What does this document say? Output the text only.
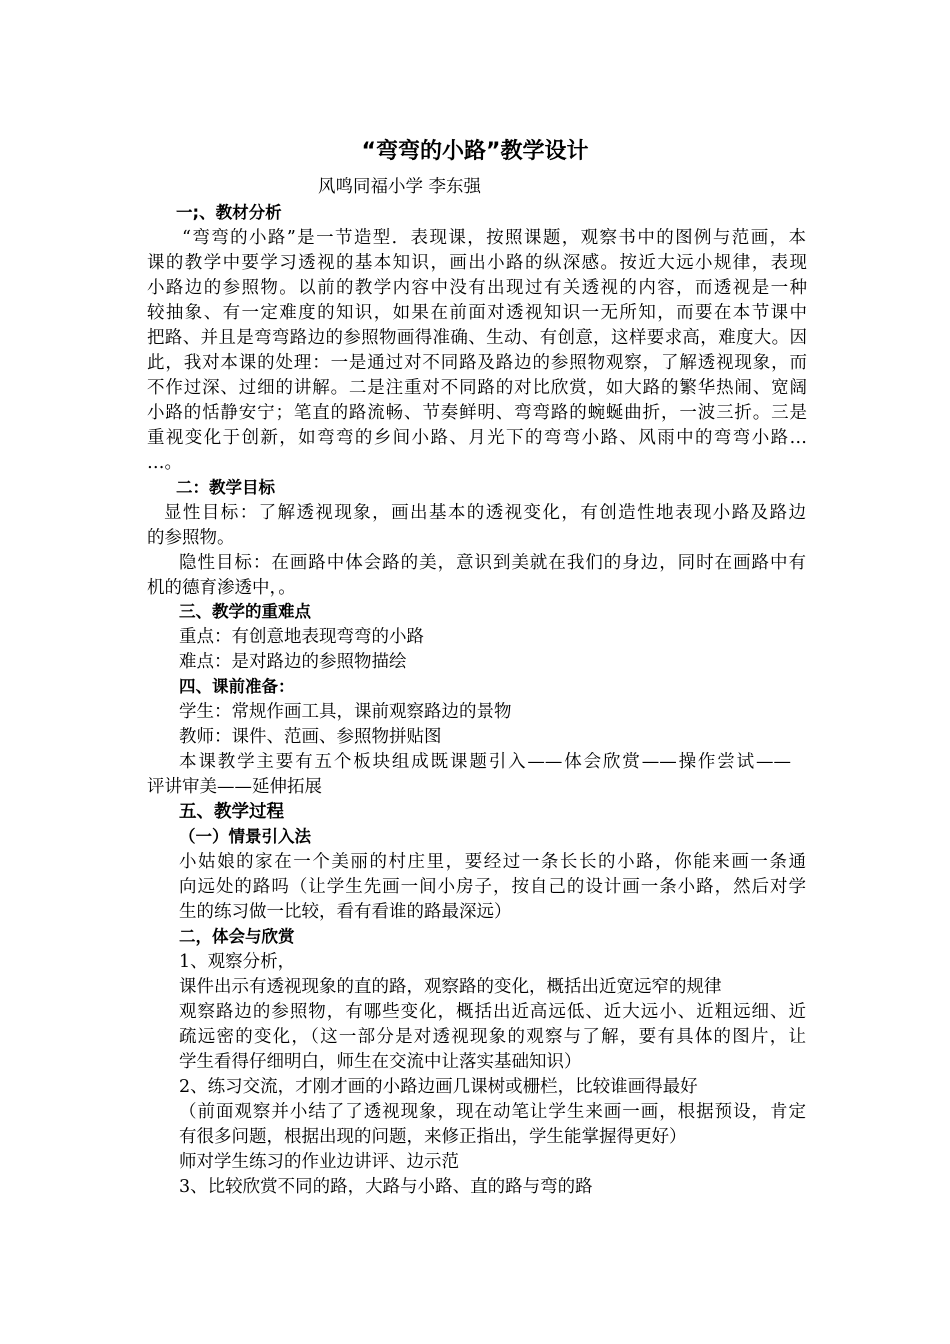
“弯弯的小路”教学设计
风鸣同福小学 李东强
一;、教材分析
“弯弯的小路”是一节造型．表现课，按照课题，观察书中的图例与范画，本
课的教学中要学习透视的基本知识，画出小路的纵深感。按近大远小规律，表现
小路边的参照物。以前的教学内容中没有出现过有关透视的内容，而透视是一种
较抽象、有一定难度的知识，如果在前面对透视知识一无所知，而要在本节课中
把路、并且是弯弯路边的参照物画得准确、生动、有创意，这样要求高，难度大。因
此，我对本课的处理：一是通过对不同路及路边的参照物观察，了解透视现象，而
不作过深、过细的讲解。二是注重对不同路的对比欣赏，如大路的繁华热闹、宽阔
小路的恬静安宁；笔直的路流畅、节奏鲜明、弯弯路的蜿蜒曲折，一波三折。三是
重视变化于创新，如弯弯的乡间小路、月光下的弯弯小路、风雨中的弯弯小路…
…。
二：教学目标
显性目标：了解透视现象，画出基本的透视变化，有创造性地表现小路及路边
的参照物。
隐性目标：在画路中体会路的美，意识到美就在我们的身边，同时在画路中有
机的德育渗透中，。
三、教学的重难点
重点：有创意地表现弯弯的小路
难点：是对路边的参照物描绘
四、课前准备：
学生：常规作画工具，课前观察路边的景物
教师：课件、范画、参照物拼贴图
本课教学主要有五个板块组成既课题引入——体会欣赏——操作尝试——
评讲审美——延伸拓展
五、教学过程
（一）情景引入法
小姑娘的家在一个美丽的村庄里，要经过一条长长的小路，你能来画一条通
向远处的路吗（让学生先画一间小房子，按自己的设计画一条小路，然后对学
生的练习做一比较，看有看谁的路最深远）
二，体会与欣赏
1、观察分析，
课件出示有透视现象的直的路，观察路的变化，概括出近宽远窄的规律
观察路边的参照物，有哪些变化，概括出近高远低、近大远小、近粗远细、近
疏远密的变化，（这一部分是对透视现象的观察与了解，要有具体的图片，让
学生看得仔细明白，师生在交流中让落实基础知识）
2、练习交流，才刚才画的小路边画几课树或栅栏，比较谁画得最好
（前面观察并小结了了透视现象，现在动笔让学生来画一画，根据预设，肯定
有很多问题，根据出现的问题，来修正指出，学生能掌握得更好）
师对学生练习的作业边讲评、边示范
3、比较欣赏不同的路，大路与小路、直的路与弯的路
